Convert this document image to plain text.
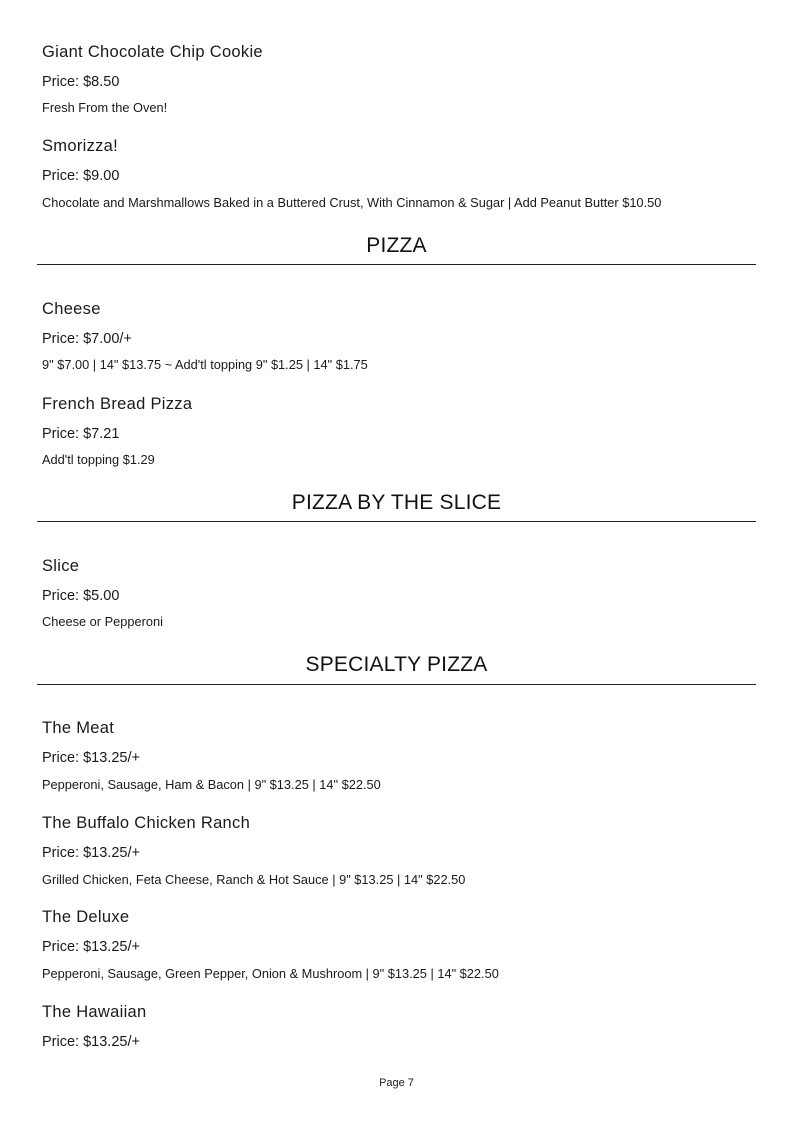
Giant Chocolate Chip Cookie
Price: $8.50
Fresh From the Oven!
Smorizza!
Price: $9.00
Chocolate and Marshmallows Baked in a Buttered Crust, With Cinnamon & Sugar | Add Peanut Butter $10.50
PIZZA
Cheese
Price: $7.00/+
9" $7.00 | 14" $13.75 ~ Add'tl topping 9" $1.25 | 14" $1.75
French Bread Pizza
Price: $7.21
Add'tl topping $1.29
PIZZA BY THE SLICE
Slice
Price: $5.00
Cheese or Pepperoni
SPECIALTY PIZZA
The Meat
Price: $13.25/+
Pepperoni, Sausage, Ham & Bacon | 9" $13.25 | 14" $22.50
The Buffalo Chicken Ranch
Price: $13.25/+
Grilled Chicken, Feta Cheese, Ranch & Hot Sauce | 9" $13.25 | 14" $22.50
The Deluxe
Price: $13.25/+
Pepperoni, Sausage, Green Pepper, Onion & Mushroom | 9" $13.25 | 14" $22.50
The Hawaiian
Price: $13.25/+
Page 7
